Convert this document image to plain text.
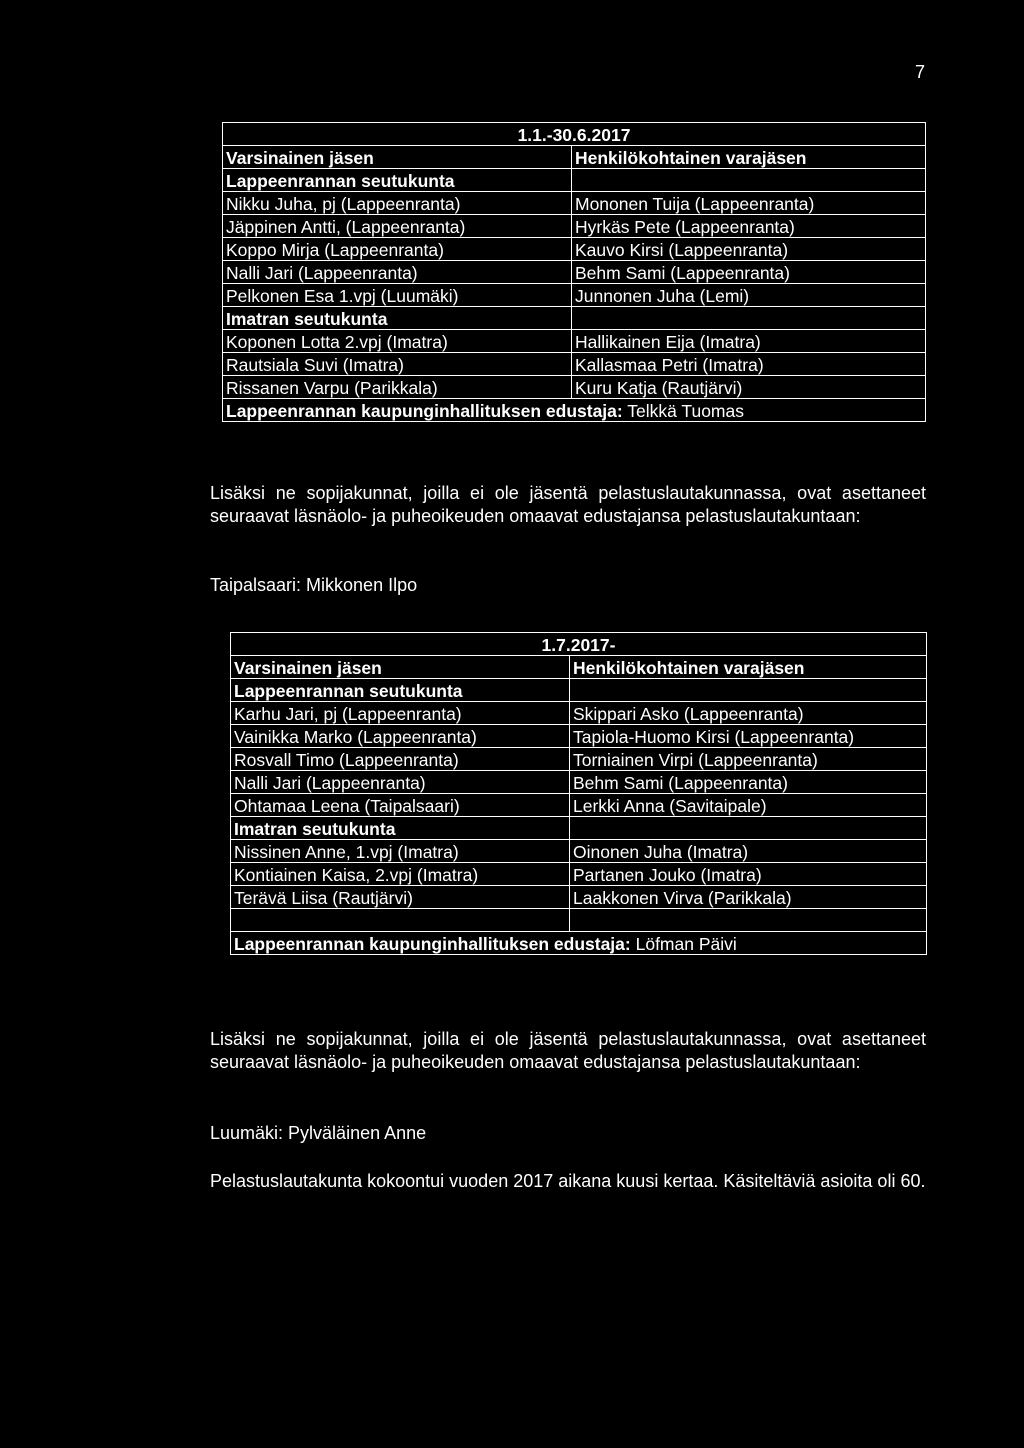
7
1.1.-30.6.2017	
Varsinainen jäsen	Henkilökohtainen varajäsen
Lappeenrannan seutukunta	
Nikku Juha, pj (Lappeenranta)	Mononen Tuija (Lappeenranta)
Jäppinen Antti, (Lappeenranta)	Hyrkäs Pete (Lappeenranta)
Koppo Mirja (Lappeenranta)	Kauvo Kirsi (Lappeenranta)
Nalli Jari (Lappeenranta)	Behm Sami (Lappeenranta)
Pelkonen Esa 1.vpj (Luumäki)	Junnonen Juha (Lemi)
Imatran seutukunta	
Koponen Lotta 2.vpj (Imatra)	Hallikainen Eija (Imatra)
Rautsiala Suvi (Imatra)	Kallasmaa Petri (Imatra)
Rissanen Varpu (Parikkala)	Kuru Katja (Rautjärvi)
Lappeenrannan kaupunginhallituksen edustaja: Telkkä Tuomas	
Lisäksi ne sopijakunnat, joilla ei ole jäsentä pelastuslautakunnassa, ovat asettaneet seuraavat läsnäolo- ja puheoikeuden omaavat edustajansa pelastuslautakuntaan:
Taipalsaari: Mikkonen Ilpo
1.7.2017-	
Varsinainen jäsen	Henkilökohtainen varajäsen
Lappeenrannan seutukunta	
Karhu Jari, pj (Lappeenranta)	Skippari Asko (Lappeenranta)
Vainikka Marko (Lappeenranta)	Tapiola-Huomo Kirsi (Lappeenranta)
Rosvall Timo (Lappeenranta)	Torniainen Virpi (Lappeenranta)
Nalli Jari (Lappeenranta)	Behm Sami (Lappeenranta)
Ohtamaa Leena (Taipalsaari)	Lerkki Anna (Savitaipale)
Imatran seutukunta	
Nissinen Anne, 1.vpj (Imatra)	Oinonen Juha (Imatra)
Kontiainen Kaisa, 2.vpj (Imatra)	Partanen Jouko (Imatra)
Terävä Liisa (Rautjärvi)	Laakkonen Virva (Parikkala)

Lappeenrannan kaupunginhallituksen edustaja: Löfman Päivi	
Lisäksi ne sopijakunnat, joilla ei ole jäsentä pelastuslautakunnassa, ovat asettaneet seuraavat läsnäolo- ja puheoikeuden omaavat edustajansa pelastuslautakuntaan:
Luumäki: Pylväläinen Anne
Pelastuslautakunta kokoontui vuoden 2017 aikana kuusi kertaa. Käsiteltäviä asioita oli 60.
